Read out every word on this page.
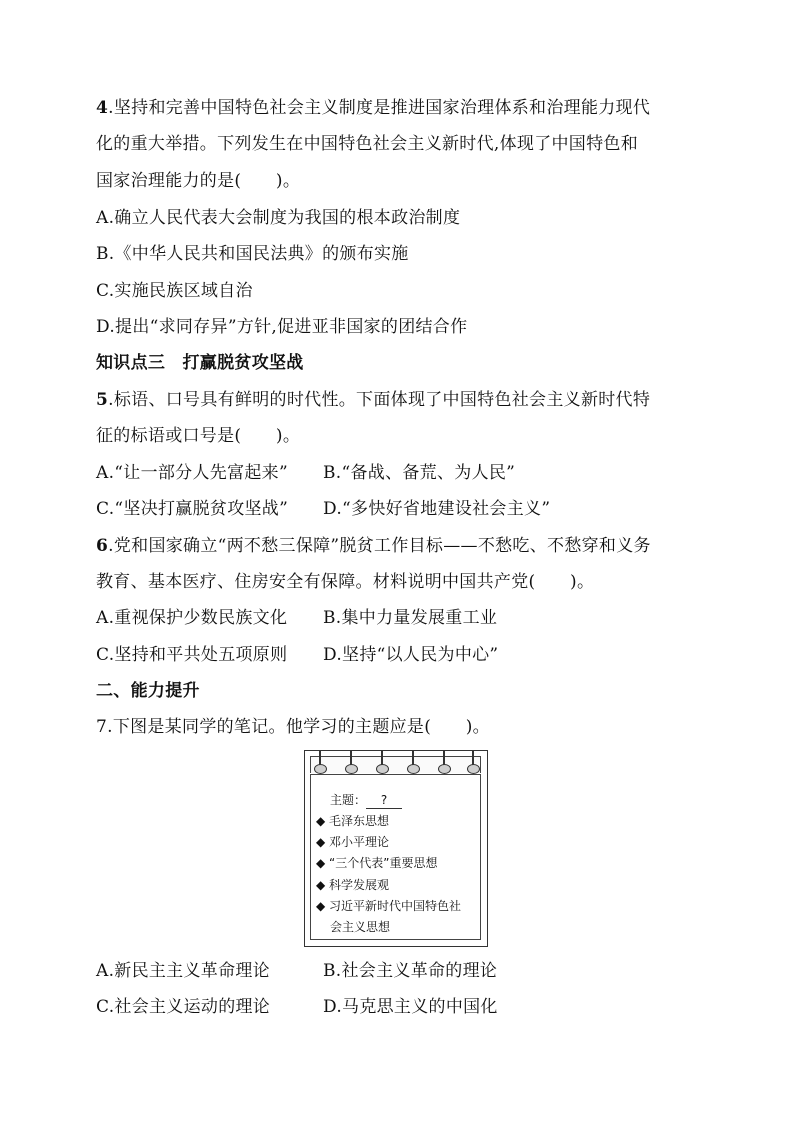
4.坚持和完善中国特色社会主义制度是推进国家治理体系和治理能力现代
化的重大举措。下列发生在中国特色社会主义新时代,体现了中国特色和
国家治理能力的是(　　)。
A.确立人民代表大会制度为我国的根本政治制度
B.《中华人民共和国民法典》的颁布实施
C.实施民族区域自治
D.提出“求同存异”方针,促进亚非国家的团结合作
知识点三　打赢脱贫攻坚战
5.标语、口号具有鲜明的时代性。下面体现了中国特色社会主义新时代特
征的标语或口号是(　　)。
A.“让一部分人先富起来” B.“备战、备荒、为人民”
C.“坚决打赢脱贫攻坚战” D.“多快好省地建设社会主义”
6.党和国家确立“两不愁三保障”脱贫工作目标——不愁吃、不愁穿和义务
教育、基本医疗、住房安全有保障。材料说明中国共产党(　　)。
A.重视保护少数民族文化 B.集中力量发展重工业
C.坚持和平共处五项原则 D.坚持“以人民为中心”
二、能力提升
7.下图是某同学的笔记。他学习的主题应是(　　)。
主题： ?
◆ 毛泽东思想
◆ 邓小平理论
◆ “三个代表”重要思想
◆ 科学发展观
◆ 习近平新时代中国特色社
会主义思想
A.新民主主义革命理论	B.社会主义革命的理论
C.社会主义运动的理论	D.马克思主义的中国化
